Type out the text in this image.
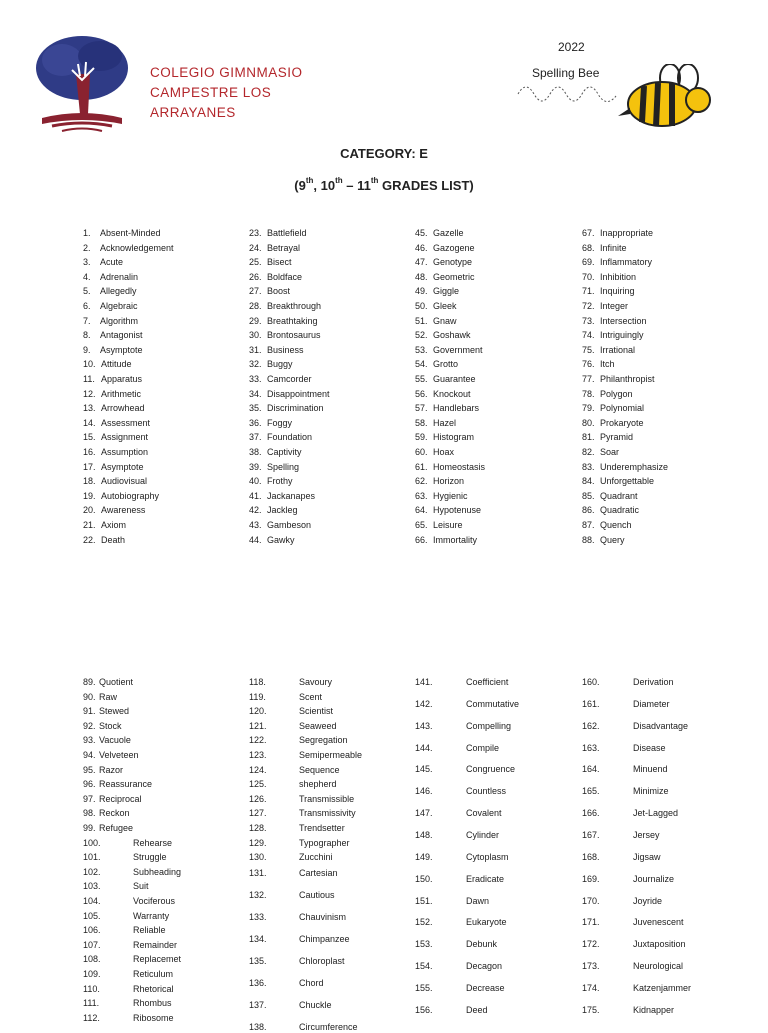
COLEGIO GIMNMASIO
CAMPESTRE LOS
ARRAYANES
2022
Spelling Bee
CATEGORY: E
(9th, 10th – 11th GRADES LIST)
1. Absent-Minded
2. Acknowledgement
3. Acute
4. Adrenalin
5. Allegedly
6. Algebraic
7. Algorithm
8. Antagonist
9. Asymptote
10. Attitude
11. Apparatus
12. Arithmetic
13. Arrowhead
14. Assessment
15. Assignment
16. Assumption
17. Asymptote
18. Audiovisual
19. Autobiography
20. Awareness
21. Axiom
22. Death
23. Battlefield
24. Betrayal
25. Bisect
26. Boldface
27. Boost
28. Breakthrough
29. Breathtaking
30. Brontosaurus
31. Business
32. Buggy
33. Camcorder
34. Disappointment
35. Discrimination
36. Foggy
37. Foundation
38. Captivity
39. Spelling
40. Frothy
41. Jackanapes
42. Jackleg
43. Gambeson
44. Gawky
45. Gazelle
46. Gazogene
47. Genotype
48. Geometric
49. Giggle
50. Gleek
51. Gnaw
52. Goshawk
53. Government
54. Grotto
55. Guarantee
56. Knockout
57. Handlebars
58. Hazel
59. Histogram
60. Hoax
61. Homeostasis
62. Horizon
63. Hygienic
64. Hypotenuse
65. Leisure
66. Immortality
67. Inappropriate
68. Infinite
69. Inflammatory
70. Inhibition
71. Inquiring
72. Integer
73. Intersection
74. Intriguingly
75. Irrational
76. Itch
77. Philanthropist
78. Polygon
79. Polynomial
80. Prokaryote
81. Pyramid
82. Soar
83. Underemphasize
84. Unforgettable
85. Quadrant
86. Quadratic
87. Quench
88. Query
89. Quotient
90. Raw
91. Stewed
92. Stock
93. Vacuole
94. Velveteen
95. Razor
96. Reassurance
97. Reciprocal
98. Reckon
99. Refugee
100.	Rehearse
101.	Struggle
102.	Subheading
103.	Suit
104.	Vociferous
105.	Warranty
106.	Reliable
107.	Remainder
108.	Replacemet
109.	Reticulum
110.	Rhetorical
111.	Rhombus
112.	Ribosome
118.	Savoury
119.	Scent
120.	Scientist
121.	Seaweed
122.	Segregation
123.	Semipermeable
124.	Sequence
125.	shepherd
126.	Transmissible
127.	Transmissivity
128.	Trendsetter
129.	Typographer
130.	Zucchini
131.	Cartesian
132.	Cautious
133.	Chauvinism
134.	Chimpanzee
135.	Chloroplast
136.	Chord
137.	Chuckle
138.	Circumference
141.	Coefficient
142.	Commutative
143.	Compelling
144.	Compile
145.	Congruence
146.	Countless
147.	Covalent
148.	Cylinder
149.	Cytoplasm
150.	Eradicate
151.	Dawn
152.	Eukaryote
153.	Debunk
154.	Decagon
155.	Decrease
156.	Deed
160.	Derivation
161.	Diameter
162.	Disadvantage
163.	Disease
164.	Minuend
165.	Minimize
166.	Jet-Lagged
167.	Jersey
168.	Jigsaw
169.	Journalize
170.	Joyride
171.	Juvenescent
172.	Juxtaposition
173.	Neurological
174.	Katzenjammer
175.	Kidnapper
